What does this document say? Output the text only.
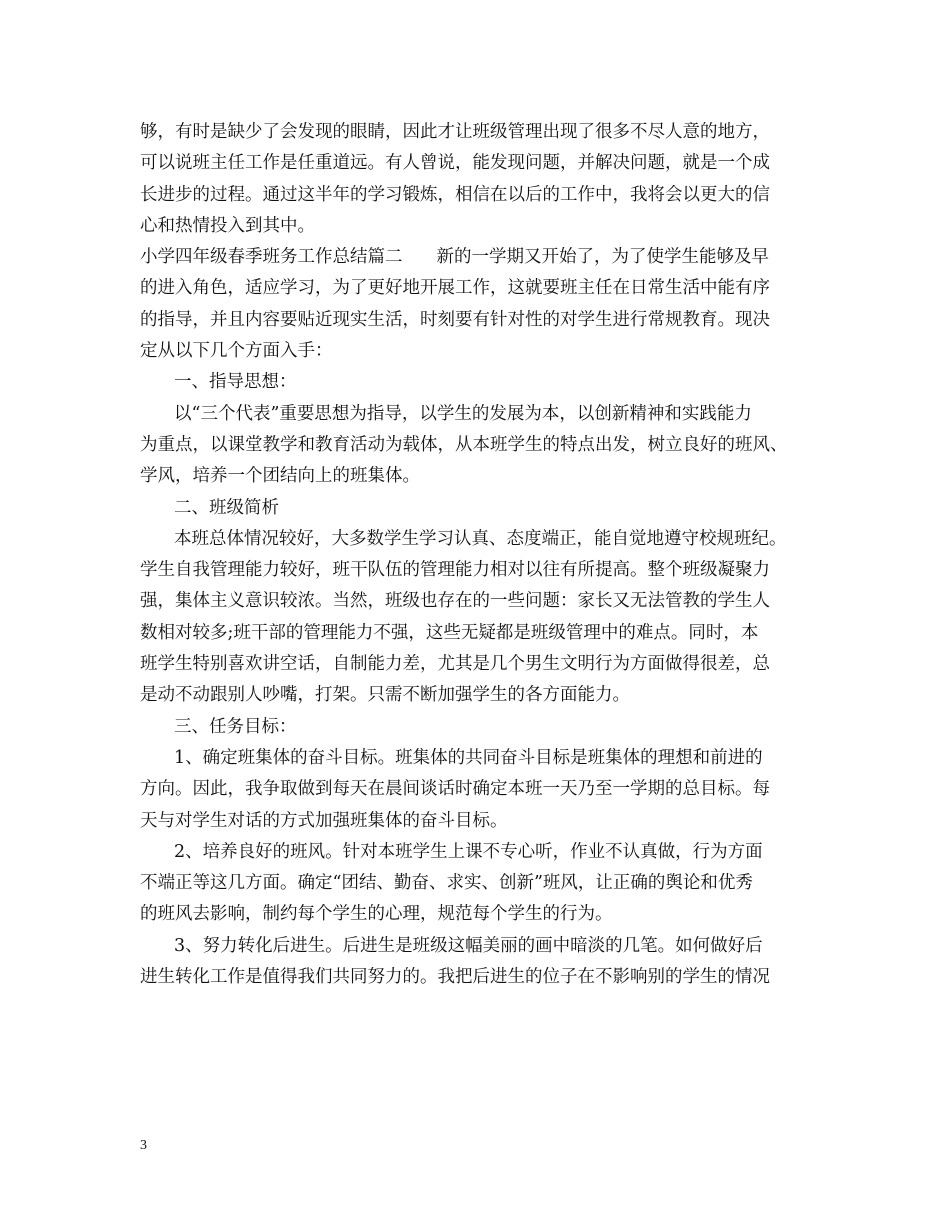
够，有时是缺少了会发现的眼睛，因此才让班级管理出现了很多不尽人意的地方，
可以说班主任工作是任重道远。有人曾说，能发现问题，并解决问题，就是一个成
长进步的过程。通过这半年的学习锻炼，相信在以后的工作中，我将会以更大的信
心和热情投入到其中。
小学四年级春季班务工作总结篇二 新的一学期又开始了，为了使学生能够及早
的进入角色，适应学习，为了更好地开展工作，这就要班主任在日常生活中能有序
的指导，并且内容要贴近现实生活，时刻要有针对性的对学生进行常规教育。现决
定从以下几个方面入手：
一、指导思想：
以“三个代表”重要思想为指导，以学生的发展为本，以创新精神和实践能力
为重点，以课堂教学和教育活动为载体，从本班学生的特点出发，树立良好的班风、
学风，培养一个团结向上的班集体。
二、班级简析
本班总体情况较好，大多数学生学习认真、态度端正，能自觉地遵守校规班纪。
学生自我管理能力较好，班干队伍的管理能力相对以往有所提高。整个班级凝聚力
强，集体主义意识较浓。当然，班级也存在的一些问题：家长又无法管教的学生人
数相对较多;班干部的管理能力不强，这些无疑都是班级管理中的难点。同时，本
班学生特别喜欢讲空话，自制能力差，尤其是几个男生文明行为方面做得很差，总
是动不动跟别人吵嘴，打架。只需不断加强学生的各方面能力。
三、任务目标：
1、确定班集体的奋斗目标。班集体的共同奋斗目标是班集体的理想和前进的
方向。因此，我争取做到每天在晨间谈话时确定本班一天乃至一学期的总目标。每
天与对学生对话的方式加强班集体的奋斗目标。
2、培养良好的班风。针对本班学生上课不专心听，作业不认真做，行为方面
不端正等这几方面。确定“团结、勤奋、求实、创新”班风，让正确的舆论和优秀
的班风去影响，制约每个学生的心理，规范每个学生的行为。
3、努力转化后进生。后进生是班级这幅美丽的画中暗淡的几笔。如何做好后
进生转化工作是值得我们共同努力的。我把后进生的位子在不影响别的学生的情况
3
